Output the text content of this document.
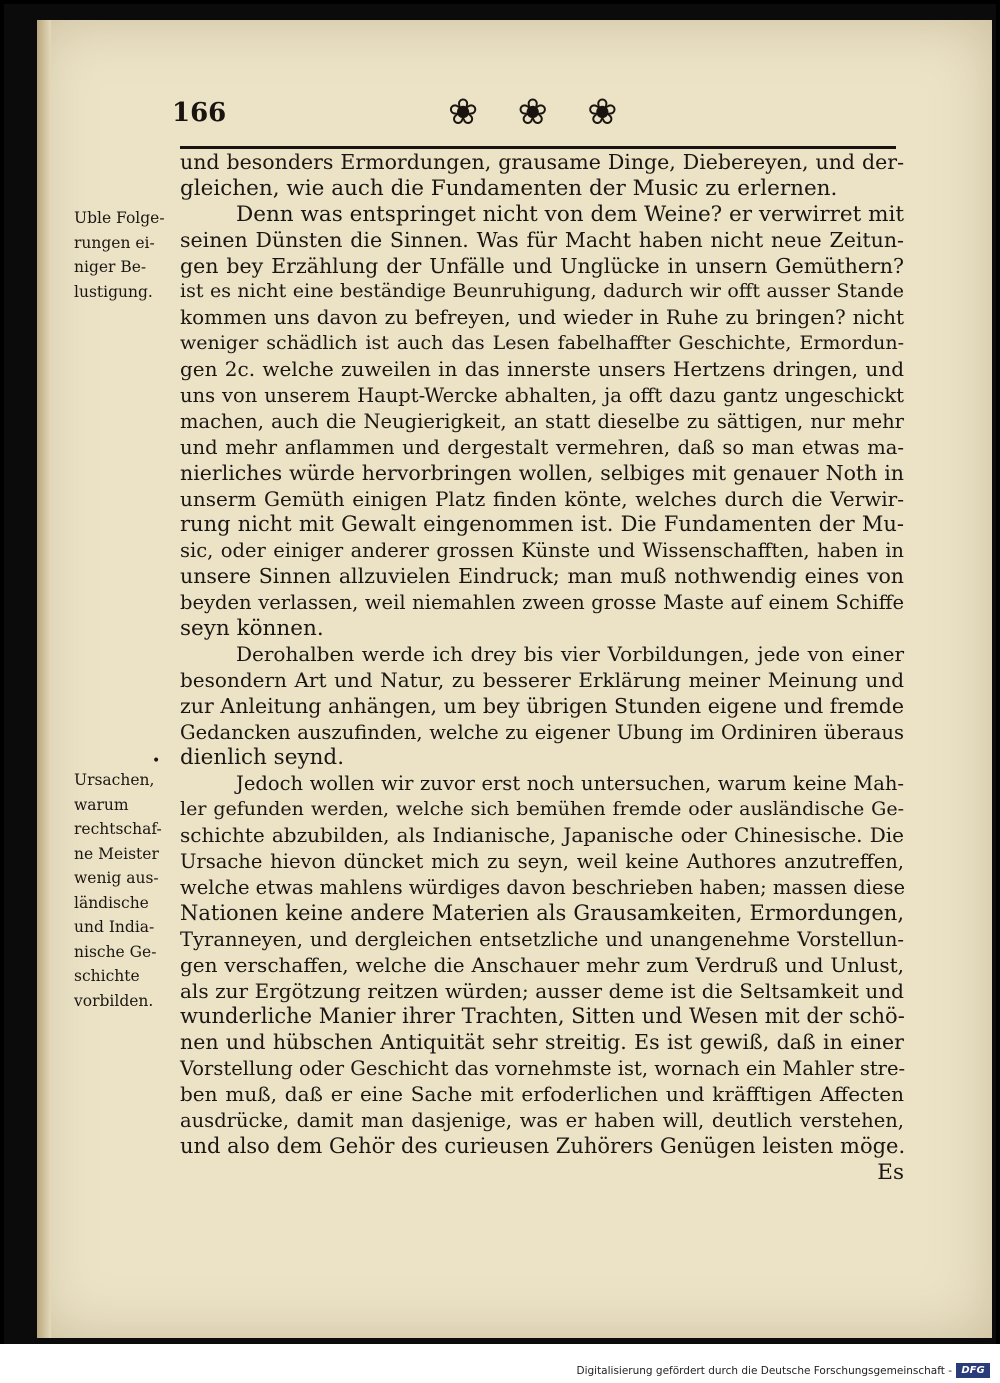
166	❀ ❀ ❀
Uble Folge-
rungen ei-
niger Be-
lustigung.
•
Ursachen,
warum
rechtschaf-
ne Meister
wenig aus-
ländische
und India-
nische Ge-
schichte
vorbilden.
und besonders Ermordungen, grausame Dinge, Diebereyen, und der-
gleichen, wie auch die Fundamenten der Music zu erlernen.
Denn was entspringet nicht von dem Weine? er verwirret mit
seinen Dünsten die Sinnen. Was für Macht haben nicht neue Zeitun-
gen bey Erzählung der Unfälle und Unglücke in unsern Gemüthern?
ist es nicht eine beständige Beunruhigung, dadurch wir offt ausser Stande
kommen uns davon zu befreyen, und wieder in Ruhe zu bringen? nicht
weniger schädlich ist auch das Lesen fabelhaffter Geschichte, Ermordun-
gen 2c. welche zuweilen in das innerste unsers Hertzens dringen, und
uns von unserem Haupt-Wercke abhalten, ja offt dazu gantz ungeschickt
machen, auch die Neugierigkeit, an statt dieselbe zu sättigen, nur mehr
und mehr anflammen und dergestalt vermehren, daß so man etwas ma-
nierliches würde hervorbringen wollen, selbiges mit genauer Noth in
unserm Gemüth einigen Platz finden könte, welches durch die Verwir-
rung nicht mit Gewalt eingenommen ist. Die Fundamenten der Mu-
sic, oder einiger anderer grossen Künste und Wissenschafften, haben in
unsere Sinnen allzuvielen Eindruck; man muß nothwendig eines von
beyden verlassen, weil niemahlen zween grosse Maste auf einem Schiffe
seyn können.
Derohalben werde ich drey bis vier Vorbildungen, jede von einer
besondern Art und Natur, zu besserer Erklärung meiner Meinung und
zur Anleitung anhängen, um bey übrigen Stunden eigene und fremde
Gedancken auszufinden, welche zu eigener Ubung im Ordiniren überaus
dienlich seynd.
Jedoch wollen wir zuvor erst noch untersuchen, warum keine Mah-
ler gefunden werden, welche sich bemühen fremde oder ausländische Ge-
schichte abzubilden, als Indianische, Japanische oder Chinesische. Die
Ursache hievon düncket mich zu seyn, weil keine Authores anzutreffen,
welche etwas mahlens würdiges davon beschrieben haben; massen diese
Nationen keine andere Materien als Grausamkeiten, Ermordungen,
Tyranneyen, und dergleichen entsetzliche und unangenehme Vorstellun-
gen verschaffen, welche die Anschauer mehr zum Verdruß und Unlust,
als zur Ergötzung reitzen würden; ausser deme ist die Seltsamkeit und
wunderliche Manier ihrer Trachten, Sitten und Wesen mit der schö-
nen und hübschen Antiquität sehr streitig. Es ist gewiß, daß in einer
Vorstellung oder Geschicht das vornehmste ist, wornach ein Mahler stre-
ben muß, daß er eine Sache mit erfoderlichen und kräfftigen Affecten
ausdrücke, damit man dasjenige, was er haben will, deutlich verstehen,
und also dem Gehör des curieusen Zuhörers Genügen leisten möge.
Es
Digitalisierung gefördert durch die Deutsche Forschungsgemeinschaft - DFG
